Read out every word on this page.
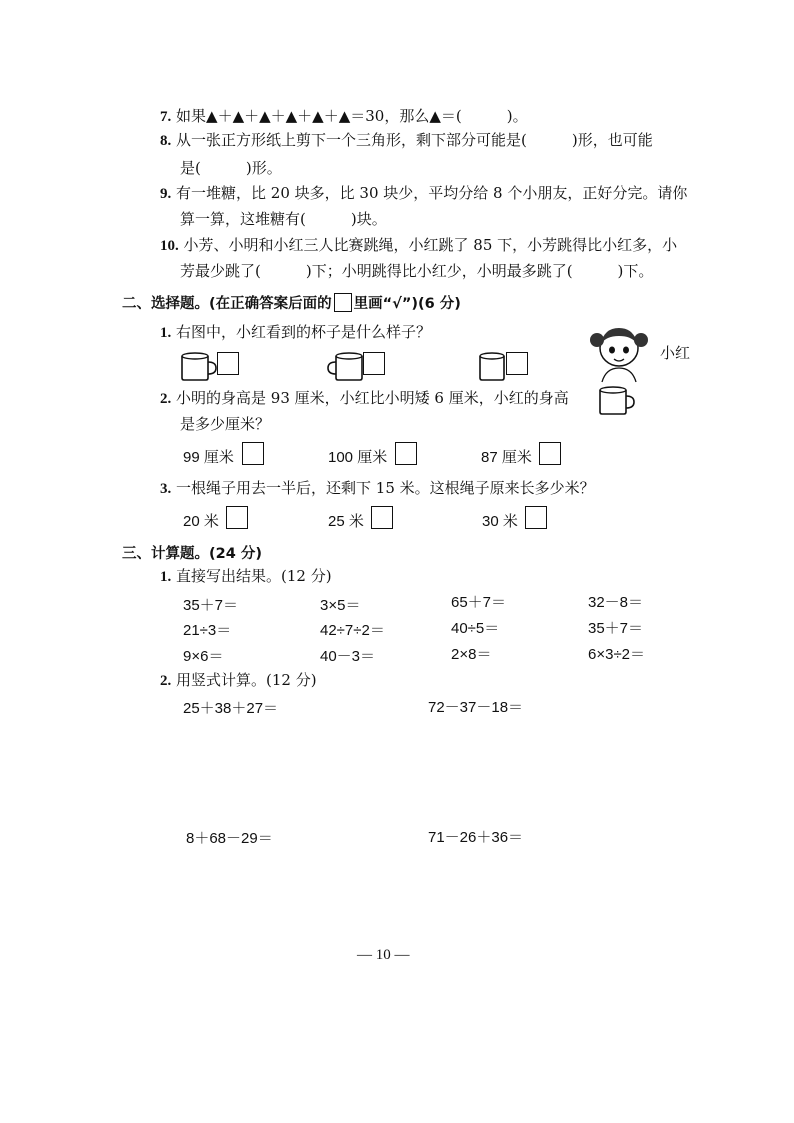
7. 如果▲＋▲＋▲＋▲＋▲＋▲＝30，那么▲＝(　　　)。
8. 从一张正方形纸上剪下一个三角形，剩下部分可能是(　　　)形，也可能
是(　　　)形。
9. 有一堆糖，比 20 块多，比 30 块少，平均分给 8 个小朋友，正好分完。请你
算一算，这堆糖有(　　　)块。
10. 小芳、小明和小红三人比赛跳绳，小红跳了 85 下，小芳跳得比小红多，小
芳最少跳了(　　　)下；小明跳得比小红少，小明最多跳了(　　　)下。
二、选择题。(在正确答案后面的 里画“√”)(6 分)
1. 右图中，小红看到的杯子是什么样子？
小红
2. 小明的身高是 93 厘米，小红比小明矮 6 厘米，小红的身高
是多少厘米？
99 厘米	100 厘米	87 厘米
3. 一根绳子用去一半后，还剩下 15 米。这根绳子原来长多少米？
20 米	25 米	30 米
三、计算题。(24 分)
1. 直接写出结果。(12 分)
35＋7＝	3×5＝	65＋7＝	32－8＝
21÷3＝	42÷7÷2＝	40÷5＝	35＋7＝
9×6＝	40－3＝	2×8＝	6×3÷2＝
2. 用竖式计算。(12 分)
25＋38＋27＝	72－37－18＝
8＋68－29＝	71－26＋36＝
— 10 —
